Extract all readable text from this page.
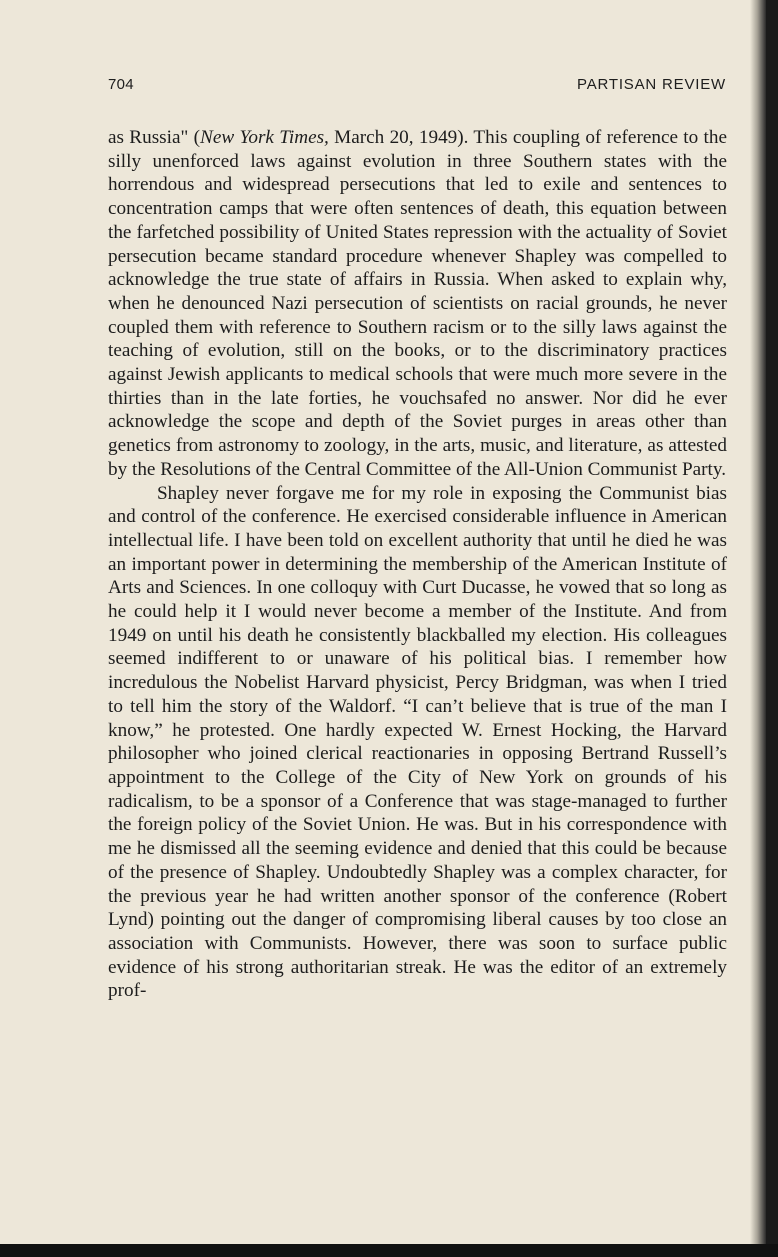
704	PARTISAN REVIEW

as Russia" (New York Times, March 20, 1949). This coupling of reference to the silly unenforced laws against evolution in three Southern states with the horrendous and widespread persecutions that led to exile and sentences to concentration camps that were often sentences of death, this equation between the farfetched possibility of United States repression with the actuality of Soviet persecution became standard procedure whenever Shapley was compelled to acknowledge the true state of affairs in Russia. When asked to explain why, when he denounced Nazi persecution of scientists on racial grounds, he never coupled them with reference to Southern racism or to the silly laws against the teaching of evolution, still on the books, or to the discriminatory practices against Jewish applicants to medical schools that were much more severe in the thirties than in the late forties, he vouchsafed no answer. Nor did he ever acknowledge the scope and depth of the Soviet purges in areas other than genetics from astronomy to zoology, in the arts, music, and literature, as attested by the Resolutions of the Central Committee of the All-Union Communist Party.

Shapley never forgave me for my role in exposing the Communist bias and control of the conference. He exercised considerable influence in American intellectual life. I have been told on excellent authority that until he died he was an important power in determining the membership of the American Institute of Arts and Sciences. In one colloquy with Curt Ducasse, he vowed that so long as he could help it I would never become a member of the Institute. And from 1949 on until his death he consistently blackballed my election. His colleagues seemed indifferent to or unaware of his political bias. I remember how incredulous the Nobelist Harvard physicist, Percy Bridgman, was when I tried to tell him the story of the Waldorf. “I can’t believe that is true of the man I know,” he protested. One hardly expected W. Ernest Hocking, the Harvard philosopher who joined clerical reactionaries in opposing Bertrand Russell’s appointment to the College of the City of New York on grounds of his radicalism, to be a sponsor of a Conference that was stage-managed to further the foreign policy of the Soviet Union. He was. But in his correspondence with me he dismissed all the seeming evidence and denied that this could be because of the presence of Shapley. Undoubtedly Shapley was a complex character, for the previous year he had written another sponsor of the conference (Robert Lynd) pointing out the danger of compromising liberal causes by too close an association with Communists. However, there was soon to surface public evidence of his strong authoritarian streak. He was the editor of an extremely prof-
